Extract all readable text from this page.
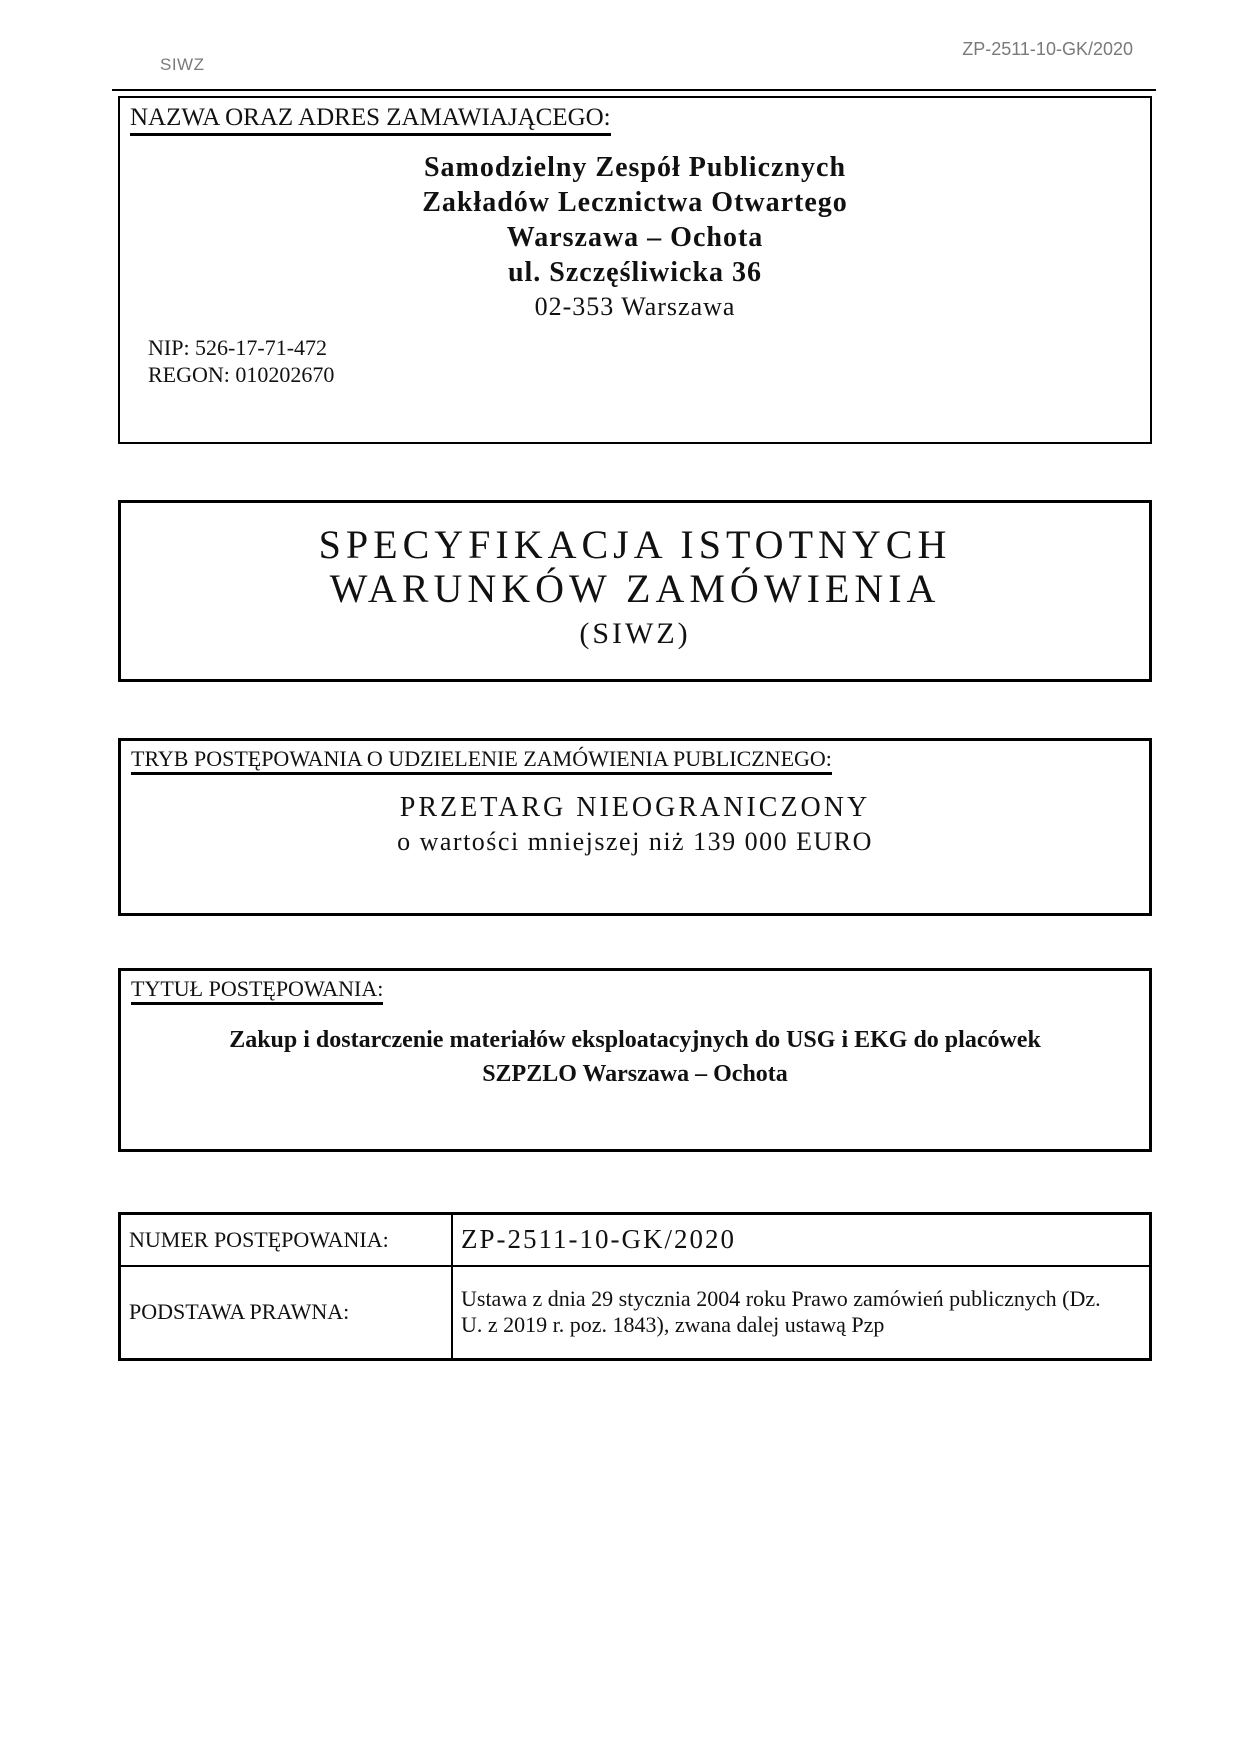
SIWZ
ZP-2511-10-GK/2020
NAZWA ORAZ ADRES ZAMAWIAJĄCEGO:
Samodzielny Zespół Publicznych
Zakładów Lecznictwa Otwartego
Warszawa – Ochota
ul. Szczęśliwicka 36
02-353 Warszawa
NIP: 526-17-71-472
REGON: 010202670
SPECYFIKACJA ISTOTNYCH
WARUNKÓW ZAMÓWIENIA
(SIWZ)
TRYB POSTĘPOWANIA O UDZIELENIE ZAMÓWIENIA PUBLICZNEGO:
PRZETARG NIEOGRANICZONY
o wartości mniejszej niż 139 000 EURO
TYTUŁ POSTĘPOWANIA:
Zakup i dostarczenie materiałów eksploatacyjnych do USG i EKG do placówek
SZPZLO Warszawa – Ochota
NUMER POSTĘPOWANIA:	ZP-2511-10-GK/2020
PODSTAWA PRAWNA:	Ustawa z dnia 29 stycznia 2004 roku Prawo zamówień publicznych (Dz. U. z 2019 r. poz. 1843), zwana dalej ustawą Pzp
